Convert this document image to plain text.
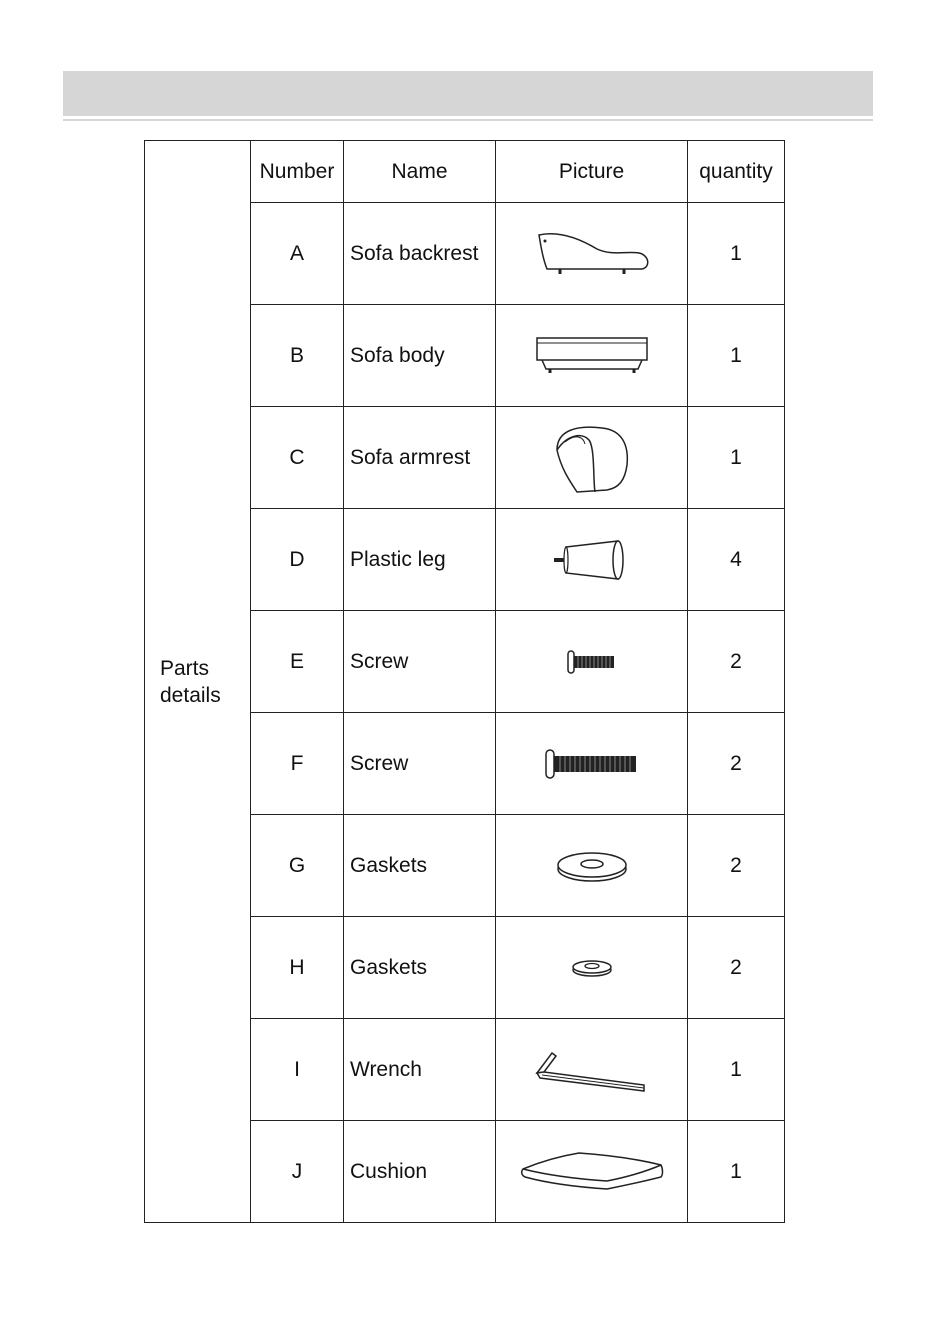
Parts
details	Number	Name	Picture	quantity
	A	Sofa backrest		1
	B	Sofa body		1
	C	Sofa armrest		1
	D	Plastic leg		4
	E	Screw		2
	F	Screw		2
	G	Gaskets		2
	H	Gaskets		2
	I	Wrench		1
	J	Cushion		1
